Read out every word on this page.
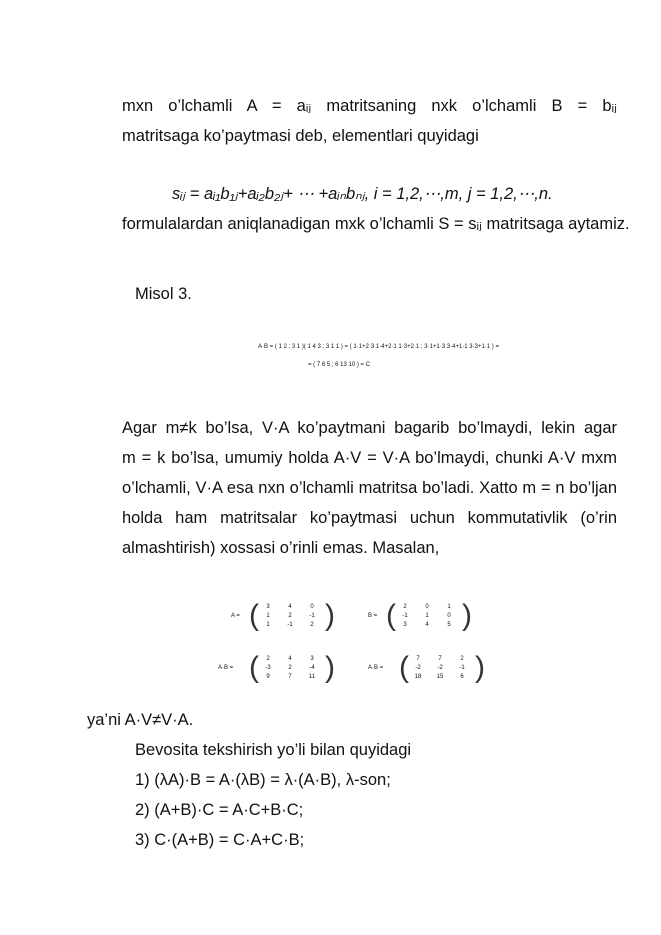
mxn o’lchamli A = aᵢⱼ matritsaning nxk o’lchamli B = bᵢⱼ
matritsaga ko’paytmasi deb, elementlari quyidagi
sᵢⱼ = aᵢ₁b₁ⱼ+aᵢ₂b₂ⱼ+ ⋯ +aᵢₙbₙⱼ, i = 1,2,⋯,m, j = 1,2,⋯,n.
formulalardan aniqlanadigan mxk o’lchamli S = sᵢⱼ matritsaga aytamiz.
Misol 3.
A·B = ( 1 2 ; 3 1 )( 1 4 3 ; 3 1 1 ) = ( 1·1+2·3 1·4+2·1 1·3+2·1 ; 3·1+1·3 3·4+1·1 3·3+1·1 ) =
= ( 7 6 5 ; 6 13 10 ) = C
Agar m≠k bo’lsa, V·A ko’paytmani bagarib bo’lmaydi, lekin agar
m = k bo’lsa, umumiy holda A·V = V·A bo’lmaydi, chunki A·V mxm
o’lchamli, V·A esa nxn o’lchamli matritsa bo’ladi. Xatto m = n bo’ljan
holda ham matritsalar ko’paytmasi uchun kommutativlik (o’rin
almashtirish) xossasi o’rinli emas. Masalan,
A = (	3	4	0
1	2	-1
1	-1	2 )	B = (	2	0	1
-1	1	0
3	4	5 )
A·B = (	2	4	3
-3	2	-4
9	7	11 )	A·B = (	7	7	2
-2	-2	-1
18	15	6 )
ya’ni A·V≠V·A.
Bevosita tekshirish yo’li bilan quyidagi
1) (λA)·B = A·(λB) = λ·(A·B), λ-son;
2) (A+B)·C = A·C+B·C;
3) C·(A+B) = C·A+C·B;
